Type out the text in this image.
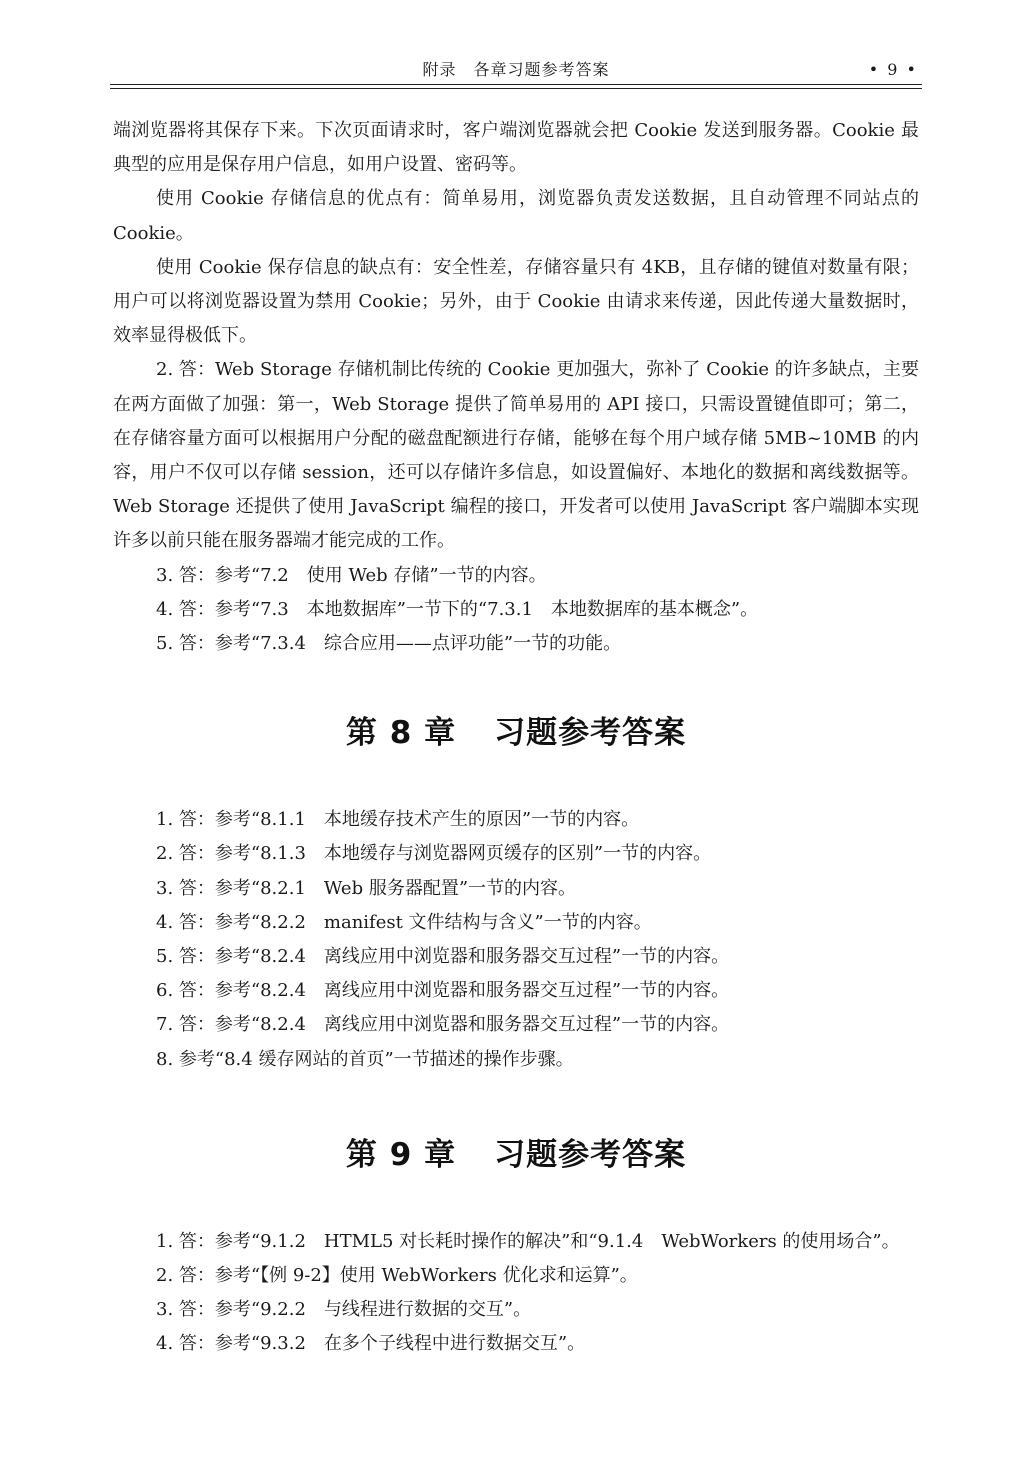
附录　各章习题参考答案	• 9 •

端浏览器将其保存下来。下次页面请求时，客户端浏览器就会把 Cookie 发送到服务器。Cookie 最典型的应用是保存用户信息，如用户设置、密码等。

使用 Cookie 存储信息的优点有：简单易用，浏览器负责发送数据，且自动管理不同站点的 Cookie。

使用 Cookie 保存信息的缺点有：安全性差，存储容量只有 4KB，且存储的键值对数量有限；用户可以将浏览器设置为禁用 Cookie；另外，由于 Cookie 由请求来传递，因此传递大量数据时，效率显得极低下。

2. 答：Web Storage 存储机制比传统的 Cookie 更加强大，弥补了 Cookie 的许多缺点，主要在两方面做了加强：第一，Web Storage 提供了简单易用的 API 接口，只需设置键值即可；第二，在存储容量方面可以根据用户分配的磁盘配额进行存储，能够在每个用户域存储 5MB~10MB 的内容，用户不仅可以存储 session，还可以存储许多信息，如设置偏好、本地化的数据和离线数据等。Web Storage 还提供了使用 JavaScript 编程的接口，开发者可以使用 JavaScript 客户端脚本实现许多以前只能在服务器端才能完成的工作。

3. 答：参考“7.2　使用 Web 存储”一节的内容。

4. 答：参考“7.3　本地数据库”一节下的“7.3.1　本地数据库的基本概念”。

5. 答：参考“7.3.4　综合应用——点评功能”一节的功能。

第 8 章 习题参考答案

1. 答：参考“8.1.1　本地缓存技术产生的原因”一节的内容。

2. 答：参考“8.1.3　本地缓存与浏览器网页缓存的区别”一节的内容。

3. 答：参考“8.2.1　Web 服务器配置”一节的内容。

4. 答：参考“8.2.2　manifest 文件结构与含义”一节的内容。

5. 答：参考“8.2.4　离线应用中浏览器和服务器交互过程”一节的内容。

6. 答：参考“8.2.4　离线应用中浏览器和服务器交互过程”一节的内容。

7. 答：参考“8.2.4　离线应用中浏览器和服务器交互过程”一节的内容。

8. 参考“8.4 缓存网站的首页”一节描述的操作步骤。

第 9 章 习题参考答案

1. 答：参考“9.1.2　HTML5 对长耗时操作的解决”和“9.1.4　WebWorkers 的使用场合”。

2. 答：参考“【例 9-2】使用 WebWorkers 优化求和运算”。

3. 答：参考“9.2.2　与线程进行数据的交互”。

4. 答：参考“9.3.2　在多个子线程中进行数据交互”。
